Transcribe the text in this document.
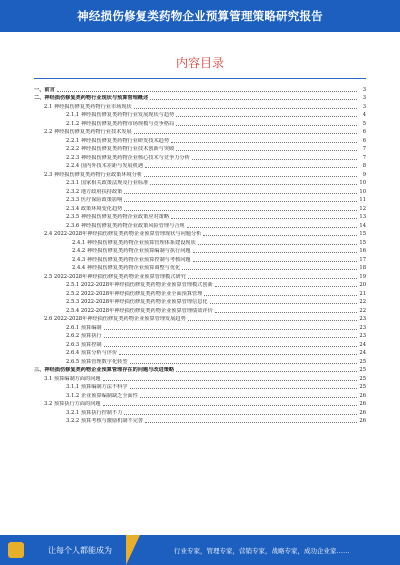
神经损伤修复类药物企业预算管理策略研究报告
内容目录
一、前言	3
二、神经损伤修复类药物行业现状与预算管理概述	3
2.1 神经损伤修复类药物行业市场现状	3
2.1.1 神经损伤修复类药物行业发展现状与趋势	4
2.1.2 神经损伤修复类药物市场规模与竞争格局	5
2.2 神经损伤修复类药物行业技术发展	6
2.2.1 神经损伤修复类药物行业研发技术趋势	6
2.2.2 神经损伤修复类药物行业技术创新与突破	7
2.2.3 神经损伤修复类药物企业核心技术与竞争力分析	7
2.2.4 国内外技术差距与发展机遇	8
2.3 神经损伤修复类药物行业政策环境分析	9
2.3.1 国家相关政策法规及行业标准	10
2.3.2 地方政府扶持政策	10
2.3.3 医疗保险政策影响	11
2.3.4 政策环境变化趋势	12
2.3.5 神经损伤修复类药物企业政策应对策略	13
2.3.6 神经损伤修复类药物企业政策风险管理与合规	14
2.4 2022-2028年神经损伤修复类药物企业预算管理现状与问题分析	15
2.4.1 神经损伤修复类药物企业预算管理体系建设现状	15
2.4.2 神经损伤修复类药物企业预算编制与执行问题	16
2.4.3 神经损伤修复类药物企业预算控制与考核问题	17
2.4.4 神经损伤修复类药物企业预算调整与优化	18
2.5 2022-2028年神经损伤修复类药物企业预算管理模式研究	19
2.5.1 2022-2028年神经损伤修复类药物企业预算管理模式创新	20
2.5.2 2022-2028年神经损伤修复类药物企业全面预算管理	21
2.5.3 2022-2028年神经损伤修复类药物企业预算管理信息化	22
2.5.4 2022-2028年神经损伤修复类药物企业预算管理绩效评价	22
2.6 2022-2028年神经损伤修复类药物企业预算管理发展趋势	23
2.6.1 预算编制	23
2.6.2 预算执行	23
2.6.3 预算控制	24
2.6.4 预算分析与评价	24
2.6.5 预算管理数字化转型	25
三、神经损伤修复类药物企业预算管理存在的问题与改进策略	25
3.1 预算编制方面的问题	25
3.1.1 预算编制方法不科学	25
3.1.2 企业预算编制缺乏全面性	26
3.2 预算执行方面的问题	26
3.2.1 预算执行控制不力	26
3.2.2 预算考核与激励机制不完善	26
让每个人都能成为	行业专家，管理专家，营销专家，战略专家，成功企业家……
